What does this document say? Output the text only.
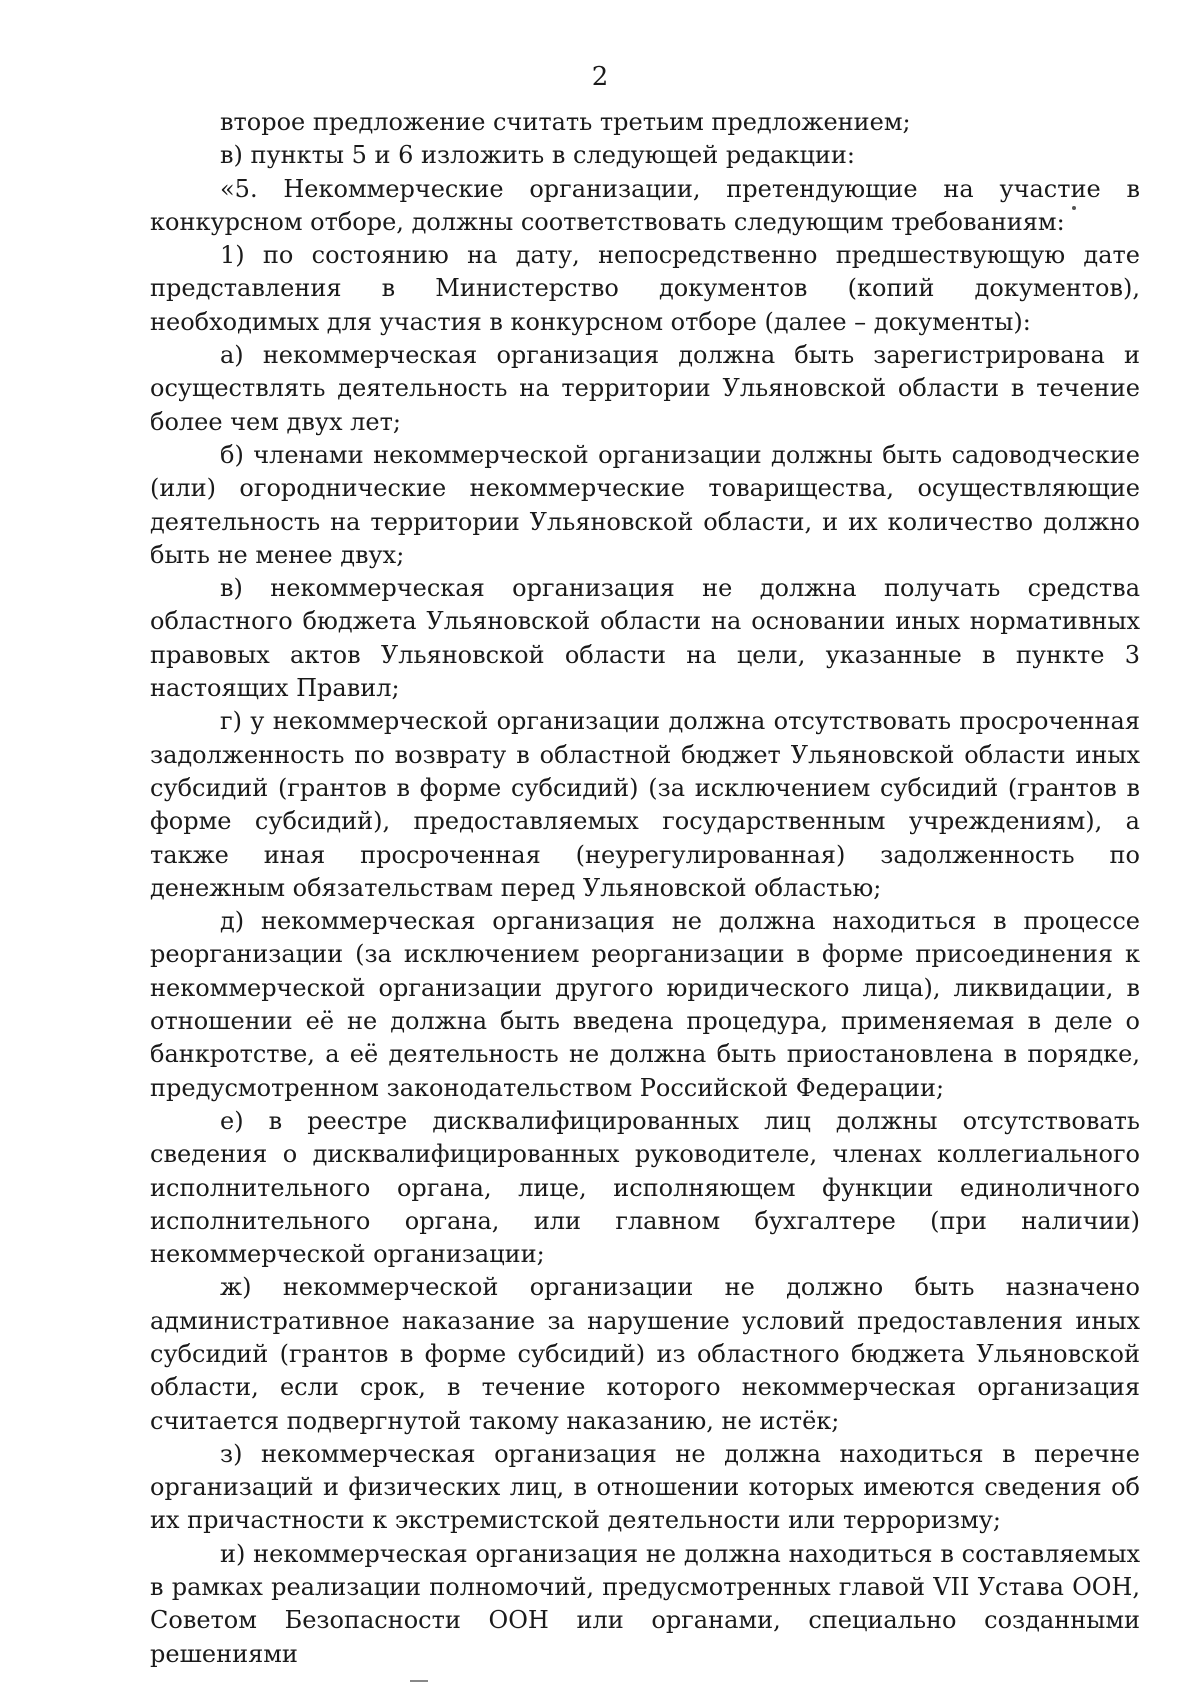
2

второе предложение считать третьим предложением;

в) пункты 5 и 6 изложить в следующей редакции:

«5. Некоммерческие организации, претендующие на участие в конкурсном отборе, должны соответствовать следующим требованиям:

1) по состоянию на дату, непосредственно предшествующую дате представления в Министерство документов (копий документов), необходимых для участия в конкурсном отборе (далее – документы):

а) некоммерческая организация должна быть зарегистрирована и осуществлять деятельность на территории Ульяновской области в течение более чем двух лет;

б) членами некоммерческой организации должны быть садоводческие (или) огороднические некоммерческие товарищества, осуществляющие деятельность на территории Ульяновской области, и их количество должно быть не менее двух;

в) некоммерческая организация не должна получать средства областного бюджета Ульяновской области на основании иных нормативных правовых актов Ульяновской области на цели, указанные в пункте 3 настоящих Правил;

г) у некоммерческой организации должна отсутствовать просроченная задолженность по возврату в областной бюджет Ульяновской области иных субсидий (грантов в форме субсидий) (за исключением субсидий (грантов в форме субсидий), предоставляемых государственным учреждениям), а также иная просроченная (неурегулированная) задолженность по денежным обязательствам перед Ульяновской областью;

д) некоммерческая организация не должна находиться в процессе реорганизации (за исключением реорганизации в форме присоединения к некоммерческой организации другого юридического лица), ликвидации, в отношении её не должна быть введена процедура, применяемая в деле о банкротстве, а её деятельность не должна быть приостановлена в порядке, предусмотренном законодательством Российской Федерации;

е) в реестре дисквалифицированных лиц должны отсутствовать сведения о дисквалифицированных руководителе, членах коллегиального исполнительного органа, лице, исполняющем функции единоличного исполнительного органа, или главном бухгалтере (при наличии) некоммерческой организации;

ж) некоммерческой организации не должно быть назначено административное наказание за нарушение условий предоставления иных субсидий (грантов в форме субсидий) из областного бюджета Ульяновской области, если срок, в течение которого некоммерческая организация считается подвергнутой такому наказанию, не истёк;

з) некоммерческая организация не должна находиться в перечне организаций и физических лиц, в отношении которых имеются сведения об их причастности к экстремистской деятельности или терроризму;

и) некоммерческая организация не должна находиться в составляемых в рамках реализации полномочий, предусмотренных главой VII Устава ООН, Советом Безопасности ООН или органами, специально созданными решениями
